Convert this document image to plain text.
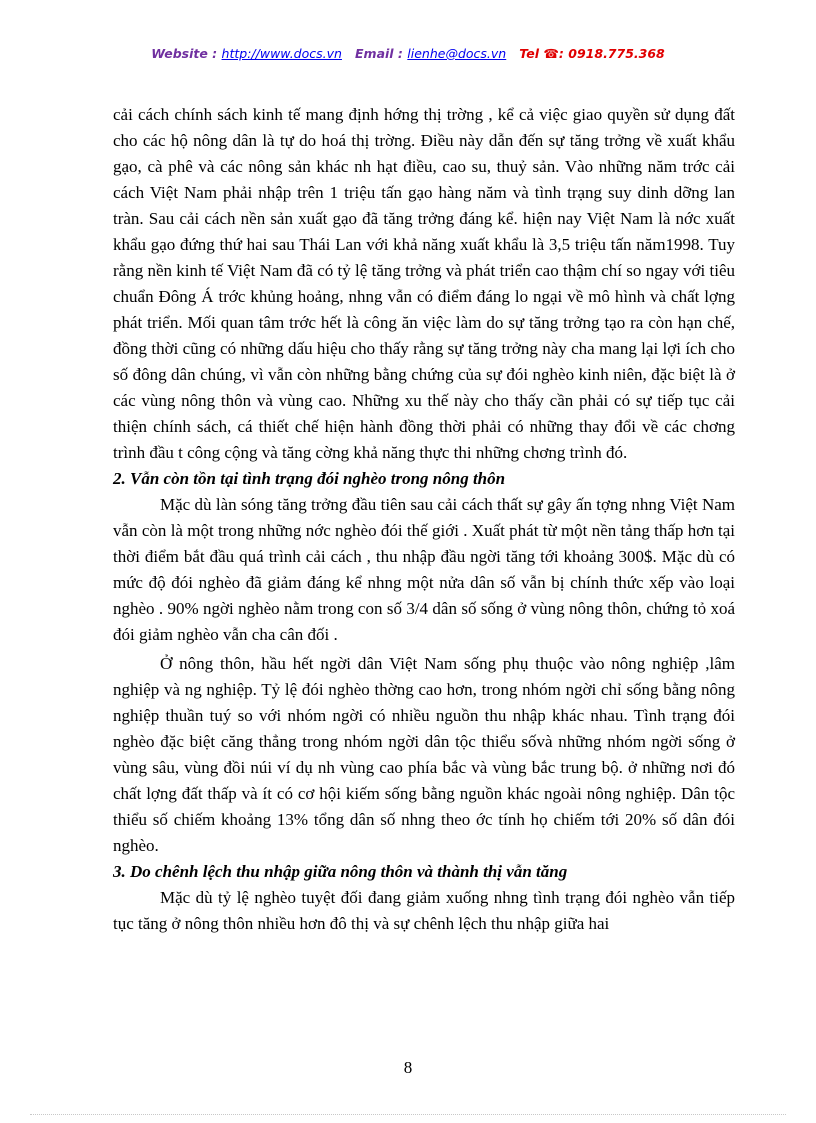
Website : http://www.docs.vn Email : lienhe@docs.vn Tel ☎: 0918.775.368

cải cách chính sách kinh tế mang định hớng thị trờng , kể cả việc giao quyền sử dụng đất cho các hộ nông dân là tự do hoá thị trờng. Điều này dẫn đến sự tăng trởng về xuất khẩu gạo, cà phê và các nông sản khác nh hạt điều, cao su, thuỷ sản. Vào những năm trớc cải cách Việt Nam phải nhập trên 1 triệu tấn gạo hàng năm và tình trạng suy dinh dỡng lan tràn. Sau cải cách nền sản xuất gạo đã tăng trởng đáng kể. hiện nay Việt Nam là nớc xuất khẩu gạo đứng thứ hai sau Thái Lan với khả năng xuất khẩu là 3,5 triệu tấn năm1998. Tuy rằng nền kinh tế Việt Nam đã có tỷ lệ tăng trởng và phát triển cao thậm chí so ngay với tiêu chuẩn Đông Á trớc khủng hoảng, nhng vẫn có điểm đáng lo ngại về mô hình và chất lợng phát triển. Mối quan tâm trớc hết là công ăn việc làm do sự tăng trởng tạo ra còn hạn chế, đồng thời cũng có những dấu hiệu cho thấy rằng sự tăng trởng này cha mang lại lợi ích cho số đông dân chúng, vì vẫn còn những bằng chứng của sự đói nghèo kinh niên, đặc biệt là ở các vùng nông thôn và vùng cao. Những xu thế này cho thấy cần phải có sự tiếp tục cải thiện chính sách, cá thiết chế hiện hành đồng thời phải có những thay đổi về các chơng trình đầu t công cộng và tăng cờng khả năng thực thi những chơng trình đó.

2. Vẫn còn tồn tại tình trạng đói nghèo trong nông thôn

Mặc dù làn sóng tăng trởng đầu tiên sau cải cách thất sự gây ấn tợng nhng Việt Nam vẫn còn là một trong những nớc nghèo đói thế giới . Xuất phát từ một nền tảng thấp hơn tại thời điểm bắt đầu quá trình cải cách , thu nhập đầu ngời tăng tới khoảng 300$. Mặc dù có mức độ đói nghèo đã giảm đáng kể nhng một nửa dân số vẫn bị chính thức xếp vào loại nghèo . 90% ngời nghèo nằm trong con số 3/4 dân số sống ở vùng nông thôn, chứng tỏ xoá đói giảm nghèo vẫn cha cân đối .

Ở nông thôn, hầu hết ngời dân Việt Nam sống phụ thuộc vào nông nghiệp ,lâm nghiệp và ng nghiệp. Tỷ lệ đói nghèo thờng cao hơn, trong nhóm ngời chỉ sống bằng nông nghiệp thuần tuý so với nhóm ngời có nhiều nguồn thu nhập khác nhau. Tình trạng đói nghèo đặc biệt căng thẳng trong nhóm ngời dân tộc thiểu sốvà những nhóm ngời sống ở vùng sâu, vùng đồi núi ví dụ nh vùng cao phía bắc và vùng bắc trung bộ. ở những nơi đó chất lợng đất thấp và ít có cơ hội kiếm sống bằng nguồn khác ngoài nông nghiệp. Dân tộc thiểu số chiếm khoảng 13% tổng dân số nhng theo ớc tính họ chiếm tới 20% số dân đói nghèo.

3. Do chênh lệch thu nhập giữa nông thôn và thành thị vẫn tăng

Mặc dù tỷ lệ nghèo tuyệt đối đang giảm xuống nhng tình trạng đói nghèo vẫn tiếp tục tăng ở nông thôn nhiều hơn đô thị và sự chênh lệch thu nhập giữa hai

8
